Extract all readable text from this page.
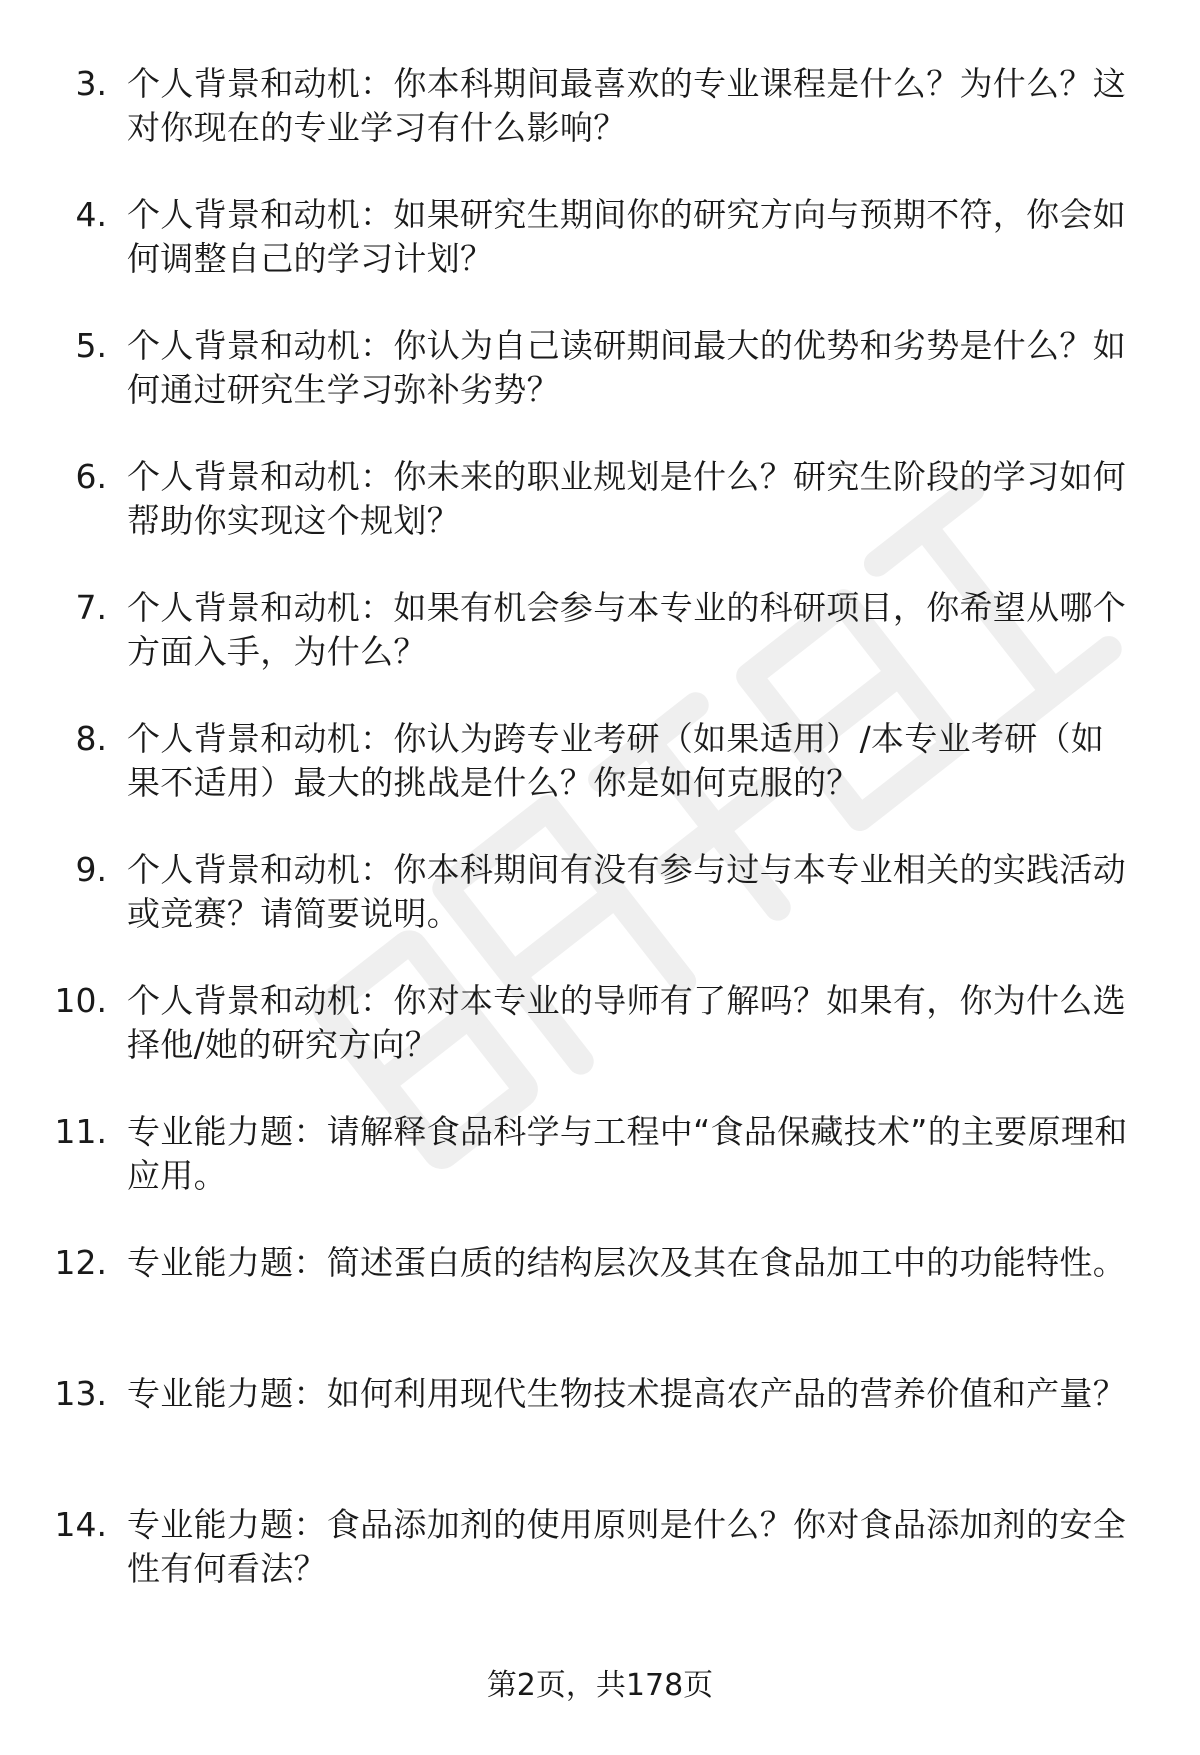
3. 个人背景和动机：你本科期间最喜欢的专业课程是什么？为什么？这对你现在的专业学习有什么影响？
4. 个人背景和动机：如果研究生期间你的研究方向与预期不符，你会如何调整自己的学习计划？
5. 个人背景和动机：你认为自己读研期间最大的优势和劣势是什么？如何通过研究生学习弥补劣势？
6. 个人背景和动机：你未来的职业规划是什么？研究生阶段的学习如何帮助你实现这个规划？
7. 个人背景和动机：如果有机会参与本专业的科研项目，你希望从哪个方面入手，为什么？
8. 个人背景和动机：你认为跨专业考研（如果适用）/本专业考研（如果不适用）最大的挑战是什么？你是如何克服的？
9. 个人背景和动机：你本科期间有没有参与过与本专业相关的实践活动或竞赛？请简要说明。
10. 个人背景和动机：你对本专业的导师有了解吗？如果有，你为什么选择他/她的研究方向？
11. 专业能力题：请解释食品科学与工程中“食品保藏技术”的主要原理和应用。
12. 专业能力题：简述蛋白质的结构层次及其在食品加工中的功能特性。
13. 专业能力题：如何利用现代生物技术提高农产品的营养价值和产量？
14. 专业能力题：食品添加剂的使用原则是什么？你对食品添加剂的安全性有何看法？
第2页，共178页
